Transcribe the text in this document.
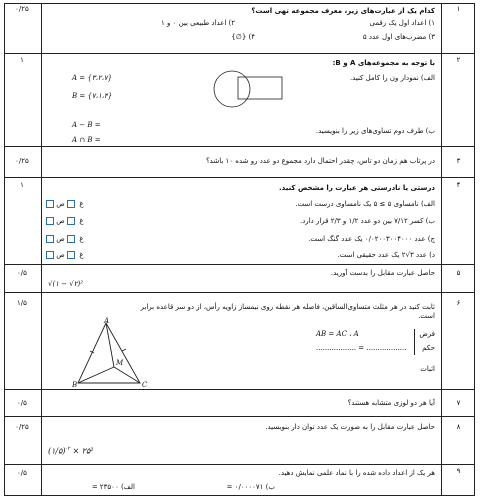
۱
۰/۲۵	کدام یک از عبارت‌های زیر، معرف مجموعه تهی است؟
۱) اعداد اول یک رقمی
۲) اعداد طبیعی بین ۰ و ۱
۳) مضرب‌های اول عدد ۵
۴) {∅}
۲
۱	با توجه به مجموعه‌های A و B:
A = {۳،۲،۷}
B = {۷،۱،۴}
الف) نمودار ون را کامل کنید.
ب) طرف دوم تساوی‌های زیر را بنویسید.
A − B =
A ∩ B =
۳
۰/۲۵	در پرتاب هم زمان دو تاس، چقدر احتمال دارد مجموع دو عدد رو شده ۱۰ باشد؟
۴
۱	درستی یا نادرستی هر عبارت را مشخص کنید.
الف) نامساوی ۵ ≥ ۵ یک نامساوی درست است.
ب) کسر ۷/۱۲ بین دو عدد ۱/۲ و ۲/۳ قرار دارد.
ج) عدد ۰/۰۲۰۰۳۰۰۴۰۰۰ یک عدد گنگ است.
د) عدد ۳√۲ یک عدد حقیقی است.
غ   ص
غ   ص
غ   ص
غ   ص
۵
۰/۵	حاصل عبارت مقابل را بدست آورید.
√(۱ − √۲)²
۶
۱/۵	ثابت کنید در هر مثلث متساوی‌الساقین، فاصله هر نقطه روی نیمساز زاویه رأس، از دو سر قاعده برابر است.
A
B	C
M
فرض
حکم
اثبات
AB = AC ، A
.................. = ..................
۷
۰/۵	آیا هر دو لوزی متشابه هستند؟
۸
۰/۲۵	حاصل عبارت مقابل را به صورت یک عدد توان دار بنویسید.
(۱/۵)$^{-۲}$ × ۲۵²
۹
۰/۵	هر یک از اعداد داده شده را با نماد علمی نمایش دهید.
الف) ۲۳۵۰۰ =	ب) ۰/۰۰۰۰۷۱ =
